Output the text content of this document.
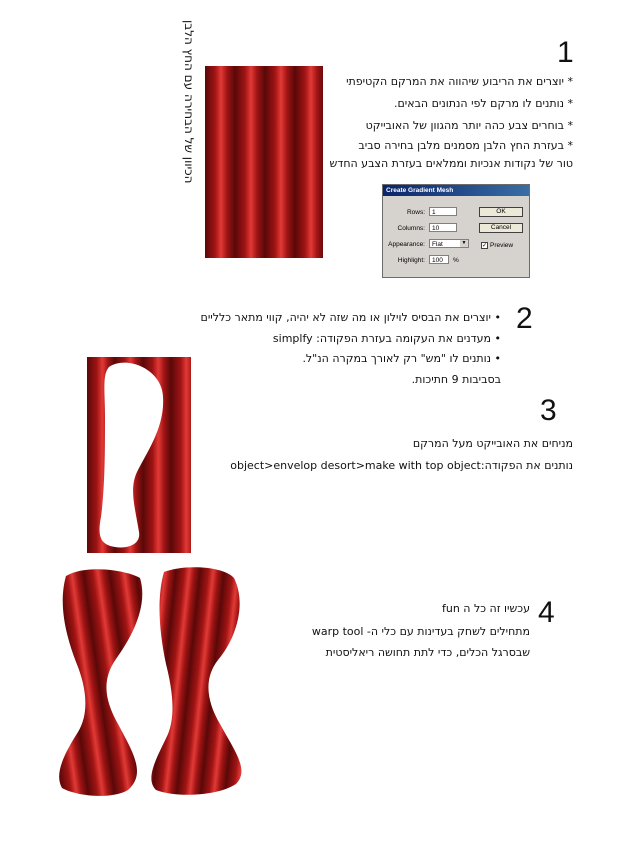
הכיוון של הבחירה עם החץ הלבן	1
* יוצרים את הריבוע שיהווה את המרקם הקטיפתי
* נותנים לו מרקם לפי הנתונים הבאים.
* בוחרים צבע כהה יותר מהגוון של האובייקט
* בעזרת החץ הלבן מסמנים מלבן בחירה סביב
טור של נקודות אנכיות וממלאים בעזרת הצבע החדש
Create Gradient Mesh
Rows:	1
Columns:	10
Appearance:	Flat	▼
Highlight:	100	%
OK
Cancel
✓ Preview
2
• יוצרים את הבסיס לוילון או מה שזה לא יהיה, קווי מתאר כלליים
• מעדנים את העקומה בעזרת הפקודה: simplfy
• נותנים לו "מש" רק לאורך במקרה הנ"ל.
בסביבות 9 חתיכות.
3
מניחים את האובייקט מעל המרקם
נותנים את הפקודה:object>envelop desort>make with top object
4
עכשיו זה כל ה fun
מתחילים לשחק בעדינות עם כלי ה- warp tool
שבסרגל הכלים, כדי לתת תחושה ריאליסטית
